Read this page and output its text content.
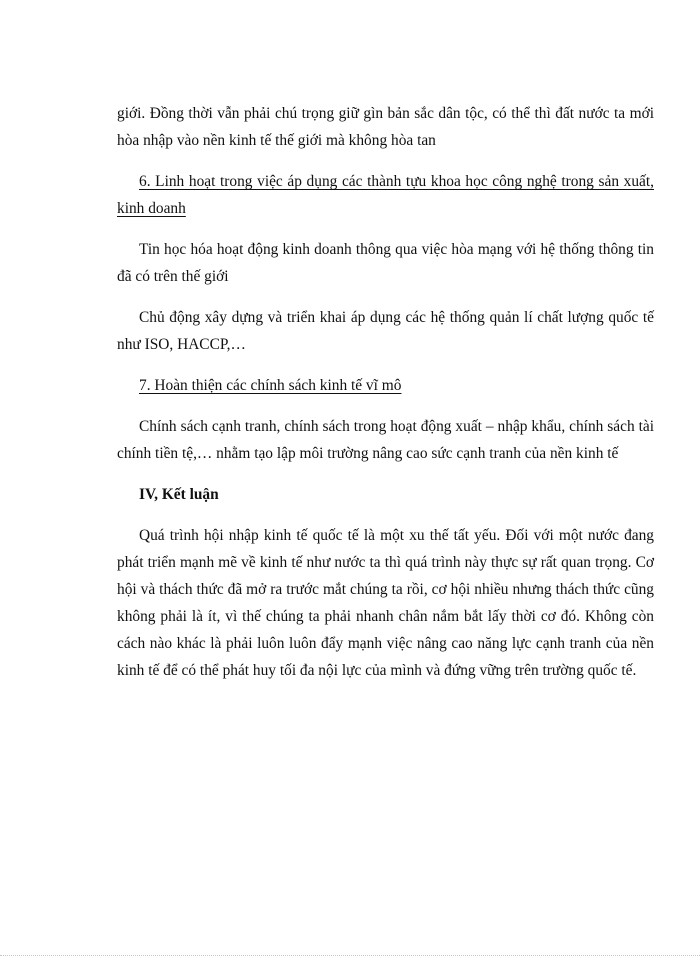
giới. Đồng thời vẫn phải chú trọng giữ gìn bản sắc dân tộc, có thể thì đất nước ta mới hòa nhập vào nền kinh tế thế giới mà không hòa tan

6. Linh hoạt trong việc áp dụng các thành tựu khoa học công nghệ trong sản xuất, kinh doanh

Tin học hóa hoạt động kinh doanh thông qua việc hòa mạng với hệ thống thông tin đã có trên thế giới

Chủ động xây dựng và triển khai áp dụng các hệ thống quản lí chất lượng quốc tế như ISO, HACCP,…

7. Hoàn thiện các chính sách kinh tế vĩ mô

Chính sách cạnh tranh, chính sách trong hoạt động xuất – nhập khẩu, chính sách tài chính tiền tệ,… nhằm tạo lập môi trường nâng cao sức cạnh tranh của nền kinh tế

IV, Kết luận

Quá trình hội nhập kinh tế quốc tế là một xu thế tất yếu. Đối với một nước đang phát triển mạnh mẽ về kinh tế như nước ta thì quá trình này thực sự rất quan trọng. Cơ hội và thách thức đã mở ra trước mắt chúng ta rồi, cơ hội nhiều nhưng thách thức cũng không phải là ít, vì thế chúng ta phải nhanh chân nắm bắt lấy thời cơ đó. Không còn cách nào khác là phải luôn luôn đẩy mạnh việc nâng cao năng lực cạnh tranh của nền kinh tế để có thể phát huy tối đa nội lực của mình và đứng vững trên trường quốc tế.
